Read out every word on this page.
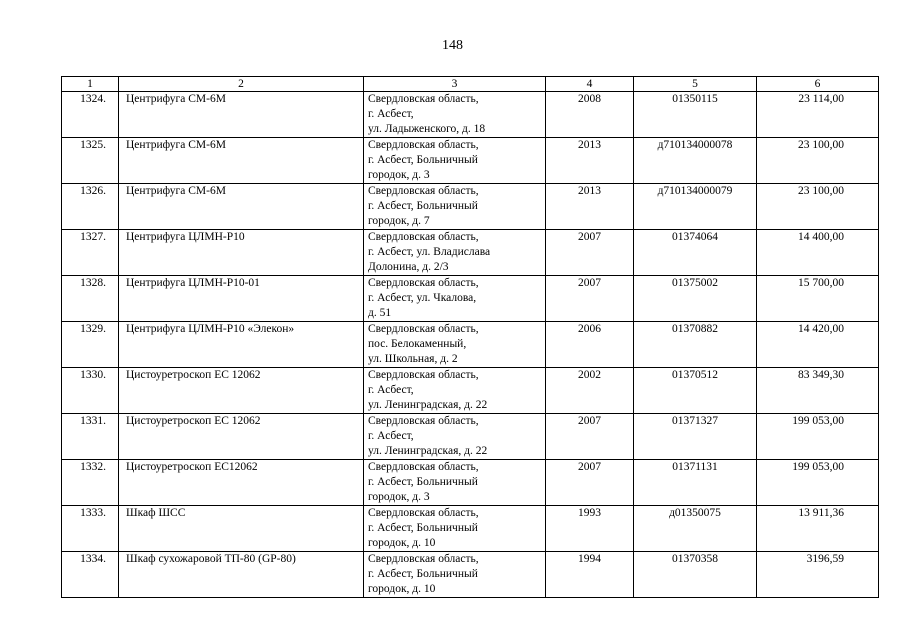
148
1	2	3	4	5	6
1324.	Центрифуга СМ-6М	Свердловская область,
г. Асбест,
ул. Ладыженского, д. 18	2008	01350115	23 114,00
1325.	Центрифуга СМ-6М	Свердловская область,
г. Асбест, Больничный
городок, д. 3	2013	д710134000078	23 100,00
1326.	Центрифуга СМ-6М	Свердловская область,
г. Асбест, Больничный
городок, д. 7	2013	д710134000079	23 100,00
1327.	Центрифуга ЦЛМН-Р10	Свердловская область,
г. Асбест, ул. Владислава
Долонина, д. 2/3	2007	01374064	14 400,00
1328.	Центрифуга ЦЛМН-Р10-01	Свердловская область,
г. Асбест, ул. Чкалова,
д. 51	2007	01375002	15 700,00
1329.	Центрифуга ЦЛМН-Р10 «Элекон»	Свердловская область,
пос. Белокаменный,
ул. Школьная, д. 2	2006	01370882	14 420,00
1330.	Цистоуретроскоп ЕС 12062	Свердловская область,
г. Асбест,
ул. Ленинградская, д. 22	2002	01370512	83 349,30
1331.	Цистоуретроскоп ЕС 12062	Свердловская область,
г. Асбест,
ул. Ленинградская, д. 22	2007	01371327	199 053,00
1332.	Цистоуретроскоп ЕС12062	Свердловская область,
г. Асбест, Больничный
городок, д. 3	2007	01371131	199 053,00
1333.	Шкаф ШСС	Свердловская область,
г. Асбест, Больничный
городок, д. 10	1993	д01350075	13 911,36
1334.	Шкаф сухожаровой ТП-80 (GP-80)	Свердловская область,
г. Асбест, Больничный
городок, д. 10	1994	01370358	3196,59
